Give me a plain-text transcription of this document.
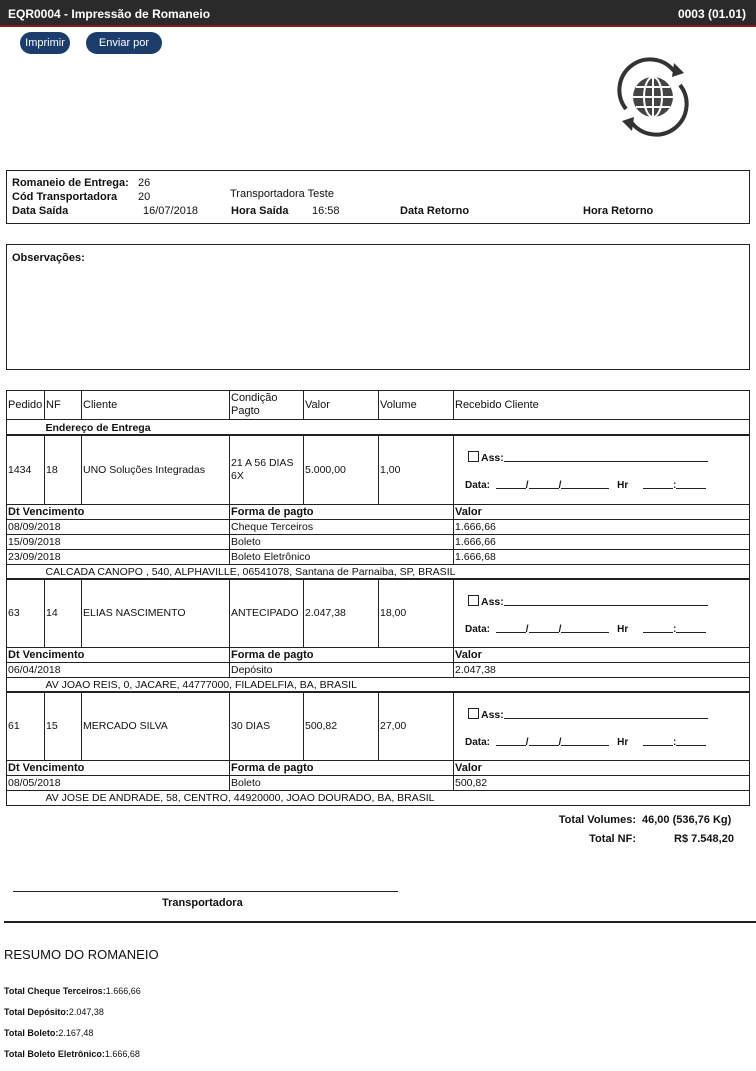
EQR0004 - Impressão de Romaneio	0003 (01.01)
Imprimir	Enviar por Email
Romaneio de Entrega: 26
Cód Transportadora 20	Transportadora Teste
Data Saída	16/07/2018	Hora Saída 16:58	Data Retorno	Hora Retorno
Observações:
Pedido	NF	Cliente	Condição Pagto	Valor	Volume	Recebido Cliente
	Endereço de Entrega					
1434	18	UNO Soluções Integradas	21 A 56 DIAS 6X	5.000,00	1,00	Ass:
Data: / / Hr :

Dt Vencimento			Forma de pagto			Valor
08/09/2018			Cheque Terceiros			1.666,66
15/09/2018			Boleto			1.666,66
23/09/2018			Boleto Eletrônico			1.666,68
	CALCADA CANOPO , 540, ALPHAVILLE, 06541078, Santana de Parnaiba, SP, BRASIL					
63	14	ELIAS NASCIMENTO	ANTECIPADO	2.047,38	18,00	Ass:
Data: / / Hr :

Dt Vencimento			Forma de pagto			Valor
06/04/2018			Depósito			2.047,38
	AV JOAO REIS, 0, JACARE, 44777000, FILADELFIA, BA, BRASIL					
61	15	MERCADO SILVA	30 DIAS	500,82	27,00	Ass:
Data: / / Hr :

Dt Vencimento			Forma de pagto			Valor
08/05/2018			Boleto			500,82
	AV JOSE DE ANDRADE, 58, CENTRO, 44920000, JOAO DOURADO, BA, BRASIL					
Total Volumes: 46,00 (536,76 Kg)
Total NF:	R$ 7.548,20
Transportadora
RESUMO DO ROMANEIO
Total Cheque Terceiros:1.666,66
Total Depósito:2.047,38
Total Boleto:2.167,48
Total Boleto Eletrônico:1.666,68
